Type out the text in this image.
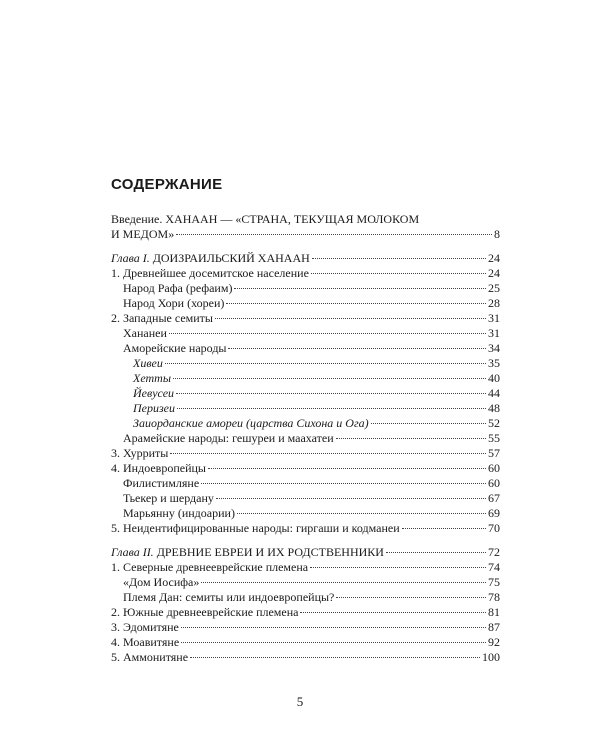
СОДЕРЖАНИЕ
Введение. ХАНААН — «СТРАНА, ТЕКУЩАЯ МОЛОКОМ
И МЕДОМ»	8
Глава I. ДОИЗРАИЛЬСКИЙ ХАНААН	24
1. Древнейшее досемитское население	24
Народ Рафа (рефаим)	25
Народ Хори (хореи)	28
2. Западные семиты	31
Хананеи	31
Аморейские народы	34
Хивеи	35
Хетты	40
Йевусеи	44
Перизеи	48
Заиорданские амореи (царства Сихона и Ога)	52
Арамейские народы: гешуреи и маахатеи	55
3. Хурриты	57
4. Индоевропейцы	60
Филистимляне	60
Тьекер и шердану	67
Марьянну (индоарии)	69
5. Неидентифицированные народы: гиргаши и кодманеи	70
Глава II. ДРЕВНИЕ ЕВРЕИ И ИХ РОДСТВЕННИКИ	72
1. Северные древнееврейские племена	74
«Дом Иосифа»	75
Племя Дан: семиты или индоевропейцы?	78
2. Южные древнееврейские племена	81
3. Эдомитяне	87
4. Моавитяне	92
5. Аммонитяне	100
5
